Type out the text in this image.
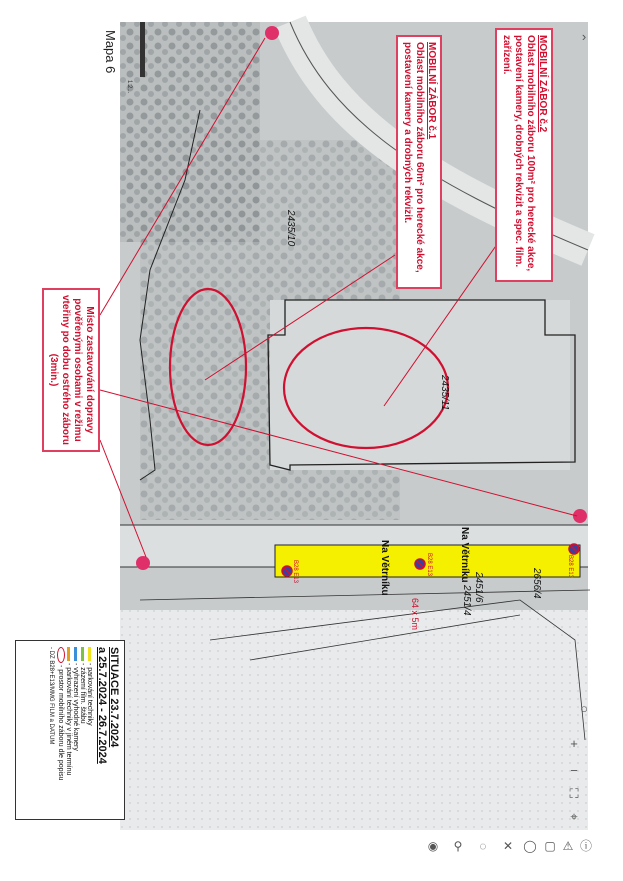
Mapa 6
1:2...
2435/10
2435/11
2656/4
2451/6
2451/4
Na Větrníku	Na Větrníku
64 x 5m
B28 E13	B28 E13	B28 E13
MOBILNÍ ZÁBOR č.2
Oblast mobilního záboru 100m² pro herecké akce, postavení kamery, drobných rekvizit a spec. film. zařízení.
MOBILNÍ ZÁBOR č.1
Oblast mobilního záboru 60m² pro herecké akce, postavení kamery a drobných rekvizit.
Místo zastavování dopravy pověřenými osobami v režimu vteřiny po dobu ostrého záboru (3min.)
SITUACE 23.7.2024
a 25.7.2024 - 26.7.2024
- parkování techniky
- zázemí film. štábu
- vyhrazení vyhodné kamery
- parkování techniky v jiném termínu
- prostor mobilního záboru dle popisu
- DZ B28+E13/MMG FILM a DATUM
›
○
+
−
⛶
⌖
◉ ⚲	◌	✕ ◯ ▢ ⚠ ⓘ
